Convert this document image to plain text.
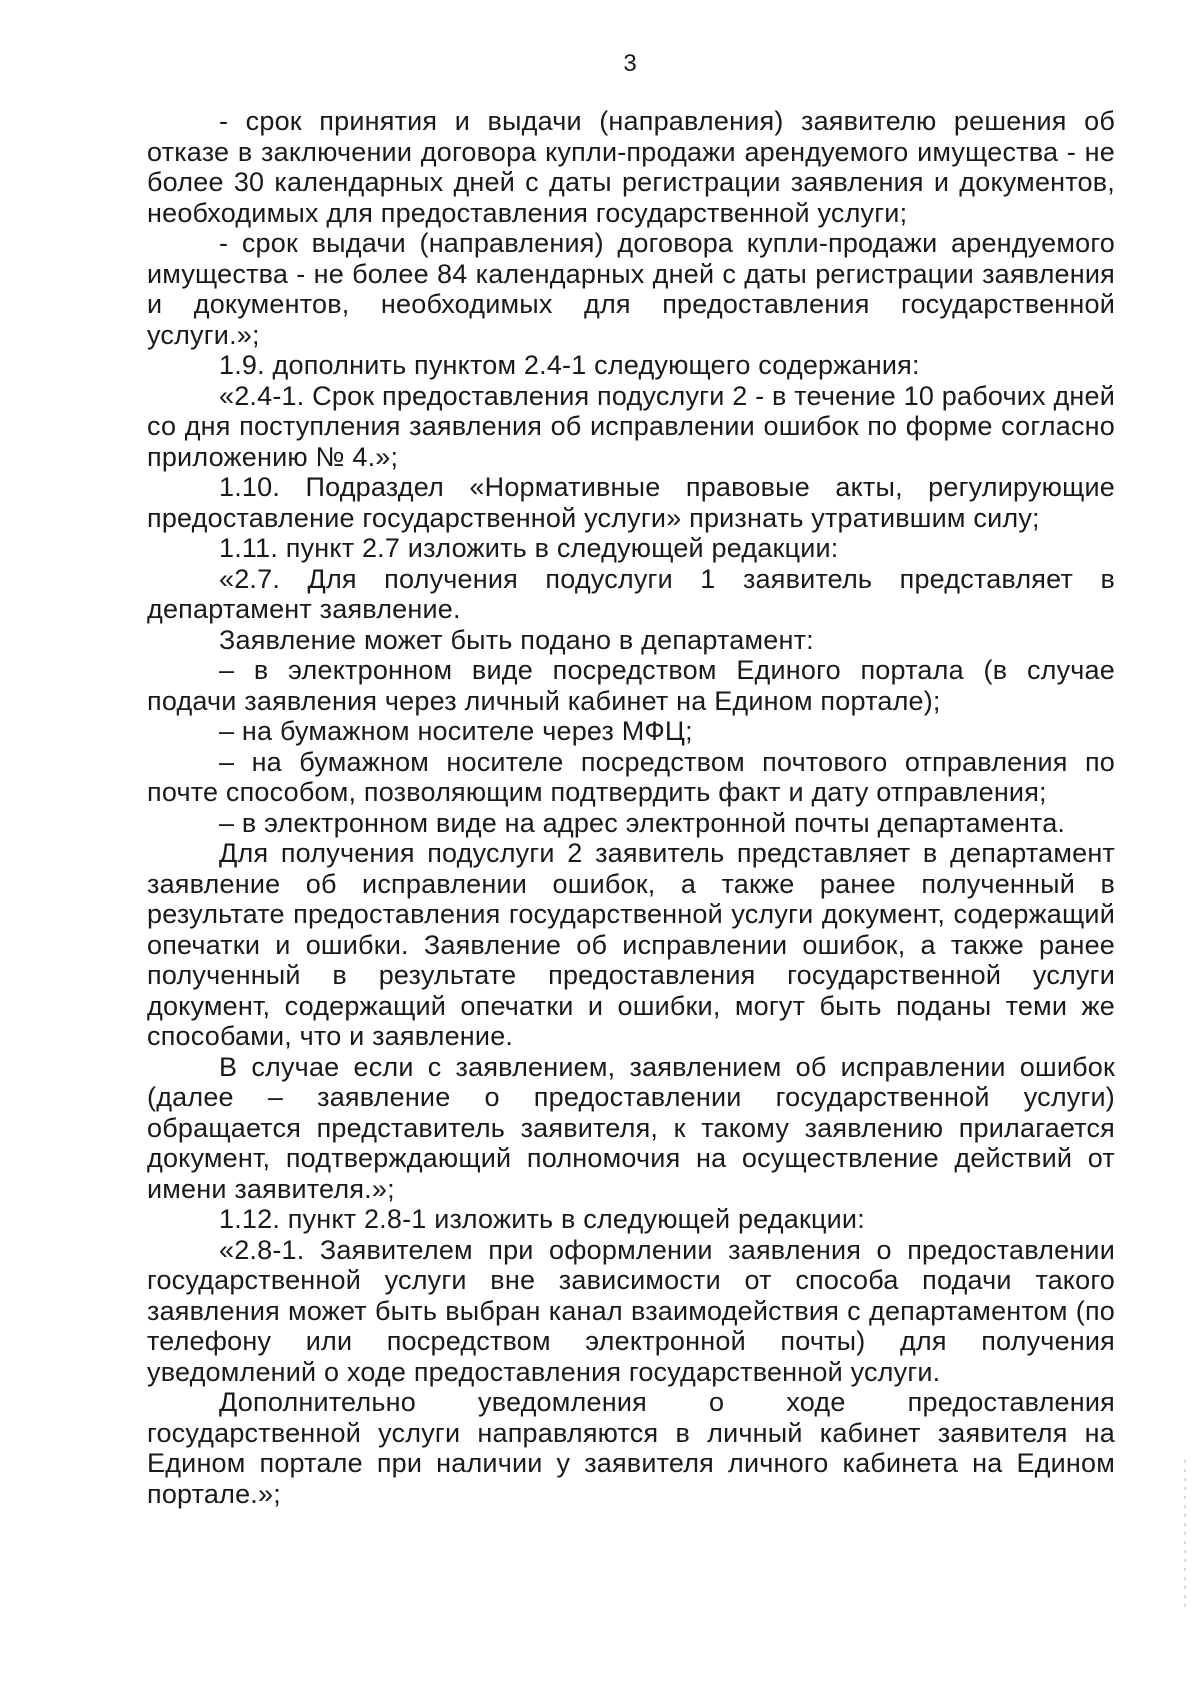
3

- срок принятия и выдачи (направления) заявителю решения об отказе в заключении договора купли-продажи арендуемого имущества - не более 30 календарных дней с даты регистрации заявления и документов, необходимых для предоставления государственной услуги;

- срок выдачи (направления) договора купли-продажи арендуемого имущества - не более 84 календарных дней с даты регистрации заявления и документов, необходимых для предоставления государственной услуги.»;

1.9. дополнить пунктом 2.4-1 следующего содержания:

«2.4-1. Срок предоставления подуслуги 2 - в течение 10 рабочих дней со дня поступления заявления об исправлении ошибок по форме согласно приложению № 4.»;

1.10. Подраздел «Нормативные правовые акты, регулирующие предоставление государственной услуги» признать утратившим силу;

1.11. пункт 2.7 изложить в следующей редакции:

«2.7. Для получения подуслуги 1 заявитель представляет в департамент заявление.

Заявление может быть подано в департамент:

– в электронном виде посредством Единого портала (в случае подачи заявления через личный кабинет на Едином портале);

– на бумажном носителе через МФЦ;

– на бумажном носителе посредством почтового отправления по почте способом, позволяющим подтвердить факт и дату отправления;

– в электронном виде на адрес электронной почты департамента.

Для получения подуслуги 2 заявитель представляет в департамент заявление об исправлении ошибок, а также ранее полученный в результате предоставления государственной услуги документ, содержащий опечатки и ошибки. Заявление об исправлении ошибок, а также ранее полученный в результате предоставления государственной услуги документ, содержащий опечатки и ошибки, могут быть поданы теми же способами, что и заявление.

В случае если с заявлением, заявлением об исправлении ошибок (далее – заявление о предоставлении государственной услуги) обращается представитель заявителя, к такому заявлению прилагается документ, подтверждающий полномочия на осуществление действий от имени заявителя.»;

1.12. пункт 2.8-1 изложить в следующей редакции:

«2.8-1. Заявителем при оформлении заявления о предоставлении государственной услуги вне зависимости от способа подачи такого заявления может быть выбран канал взаимодействия с департаментом (по телефону или посредством электронной почты) для получения уведомлений о ходе предоставления государственной услуги.

Дополнительно уведомления о ходе предоставления государственной услуги направляются в личный кабинет заявителя на Едином портале при наличии у заявителя личного кабинета на Едином портале.»;
